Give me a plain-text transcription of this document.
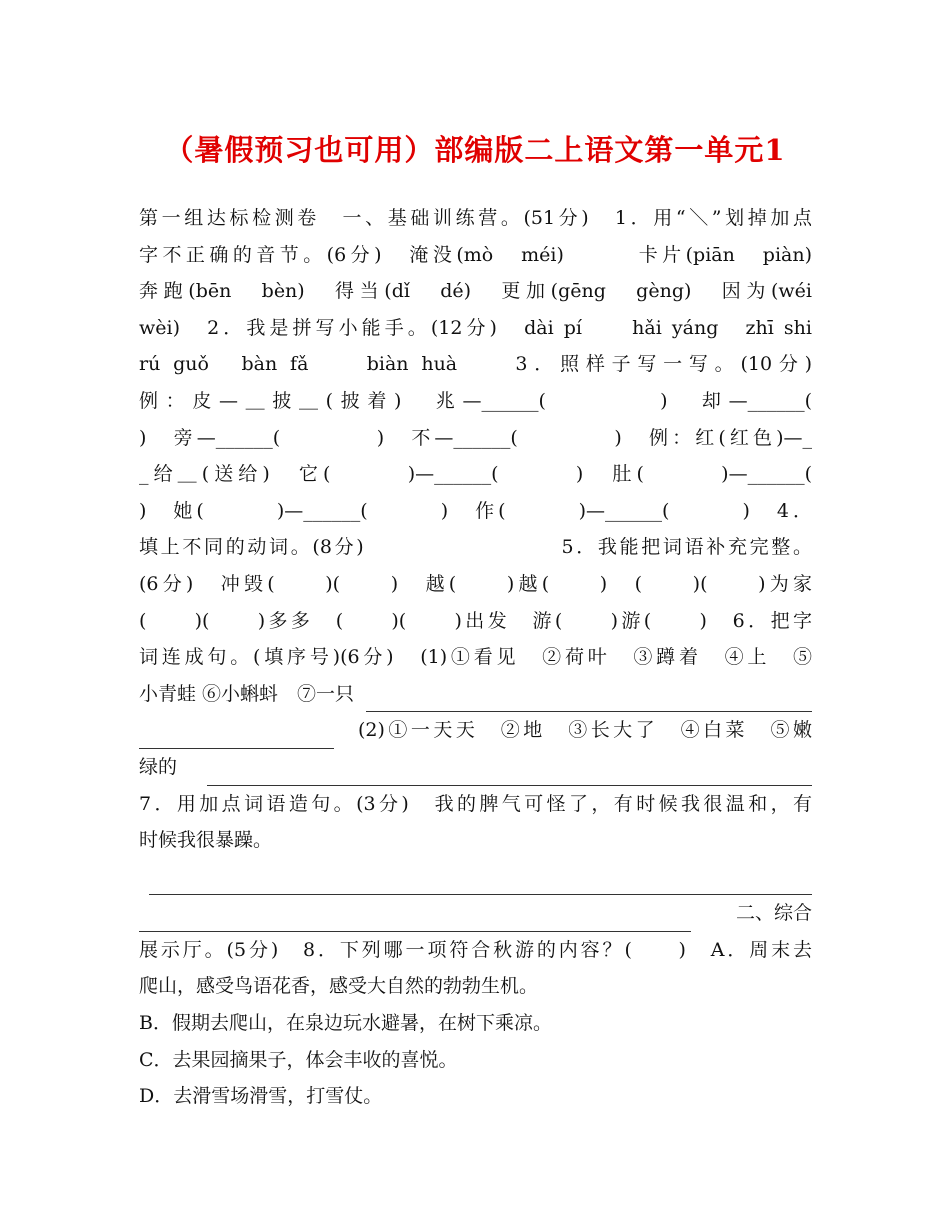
（暑假预习也可用）部编版二上语文第一单元1
第一组达标检测卷　一、基础训练营。(51分)　1．用“＼”划掉加点
字不正确的音节。(6分)　淹没(mò　méi)　　　卡片(piān　piàn)
奔跑(bēn　bèn)　得当(dǐ　dé)　更加(gēng　gèng)　因为(wéi
wèi)　2．我是拼写小能手。(12分)　dài pí　　hǎi yáng　zhī shi
rú guǒ　bàn fǎ　　biàn huà　　3．照样子写一写。(10分)
例：皮—＿披＿(披着)　兆—______(　　　　)　却—______(
)　旁—______(　　　　)　不—______(　　　　)　例：红(红色)—_
_给＿(送给)　它(　　　)—______(　　　)　肚(　　　)—______(
)　她(　　　)—______(　　　)　作(　　　)—______(　　　)　4．
填上不同的动词。(8分)　　　　　　　　　5．我能把词语补充完整。
(6分)　冲毁(　　)(　　)　越(　　)越(　　)　(　　)(　　)为家
(　　)(　　)多多　(　　)(　　)出发　游(　　)游(　　)　6．把字
词连成句。(填序号)(6分)　(1)①看见　②荷叶　③蹲着　④上　⑤
小青蛙 ⑥小蝌蚪　⑦一只
(2)①一天天　②地　③长大了　④白菜　⑤嫩
绿的
7．用加点词语造句。(3分)　我的脾气可怪了，有时候我很温和，有
时候我很暴躁。
二、综合
展示厅。(5分)　8．下列哪一项符合秋游的内容？(　　)　A．周末去
爬山，感受鸟语花香，感受大自然的勃勃生机。
B．假期去爬山，在泉边玩水避暑，在树下乘凉。
C．去果园摘果子，体会丰收的喜悦。
D．去滑雪场滑雪，打雪仗。
